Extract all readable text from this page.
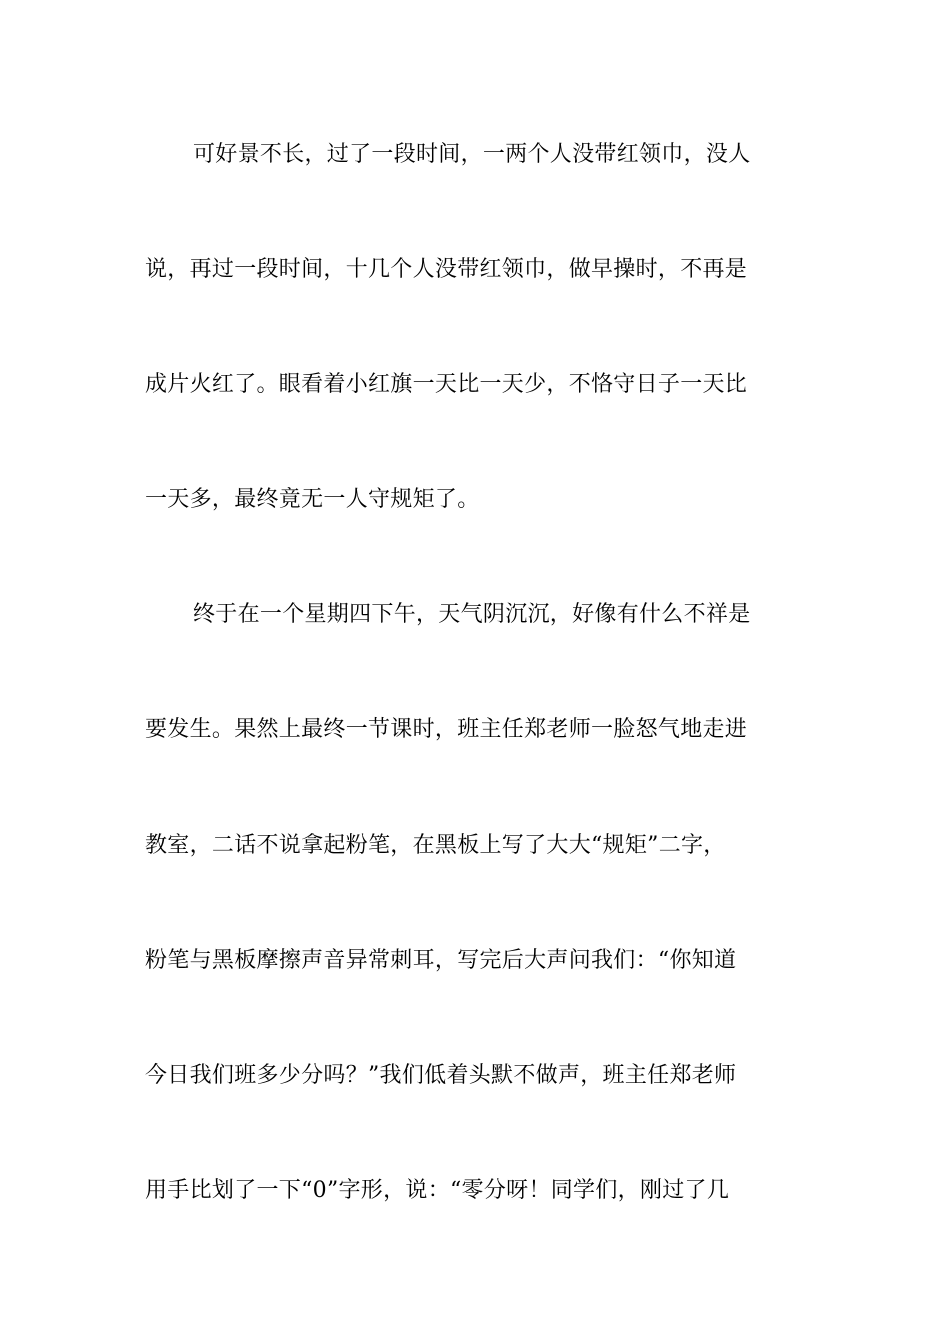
可好景不长，过了一段时间，一两个人没带红领巾，没人
说，再过一段时间，十几个人没带红领巾，做早操时，不再是
成片火红了。眼看着小红旗一天比一天少，不恪守日子一天比
一天多，最终竟无一人守规矩了。
终于在一个星期四下午，天气阴沉沉，好像有什么不祥是
要发生。果然上最终一节课时，班主任郑老师一脸怒气地走进
教室，二话不说拿起粉笔，在黑板上写了大大“规矩”二字，
粉笔与黑板摩擦声音异常刺耳，写完后大声问我们：“你知道
今日我们班多少分吗？”我们低着头默不做声，班主任郑老师
用手比划了一下“0”字形，说：“零分呀！同学们，刚过了几
